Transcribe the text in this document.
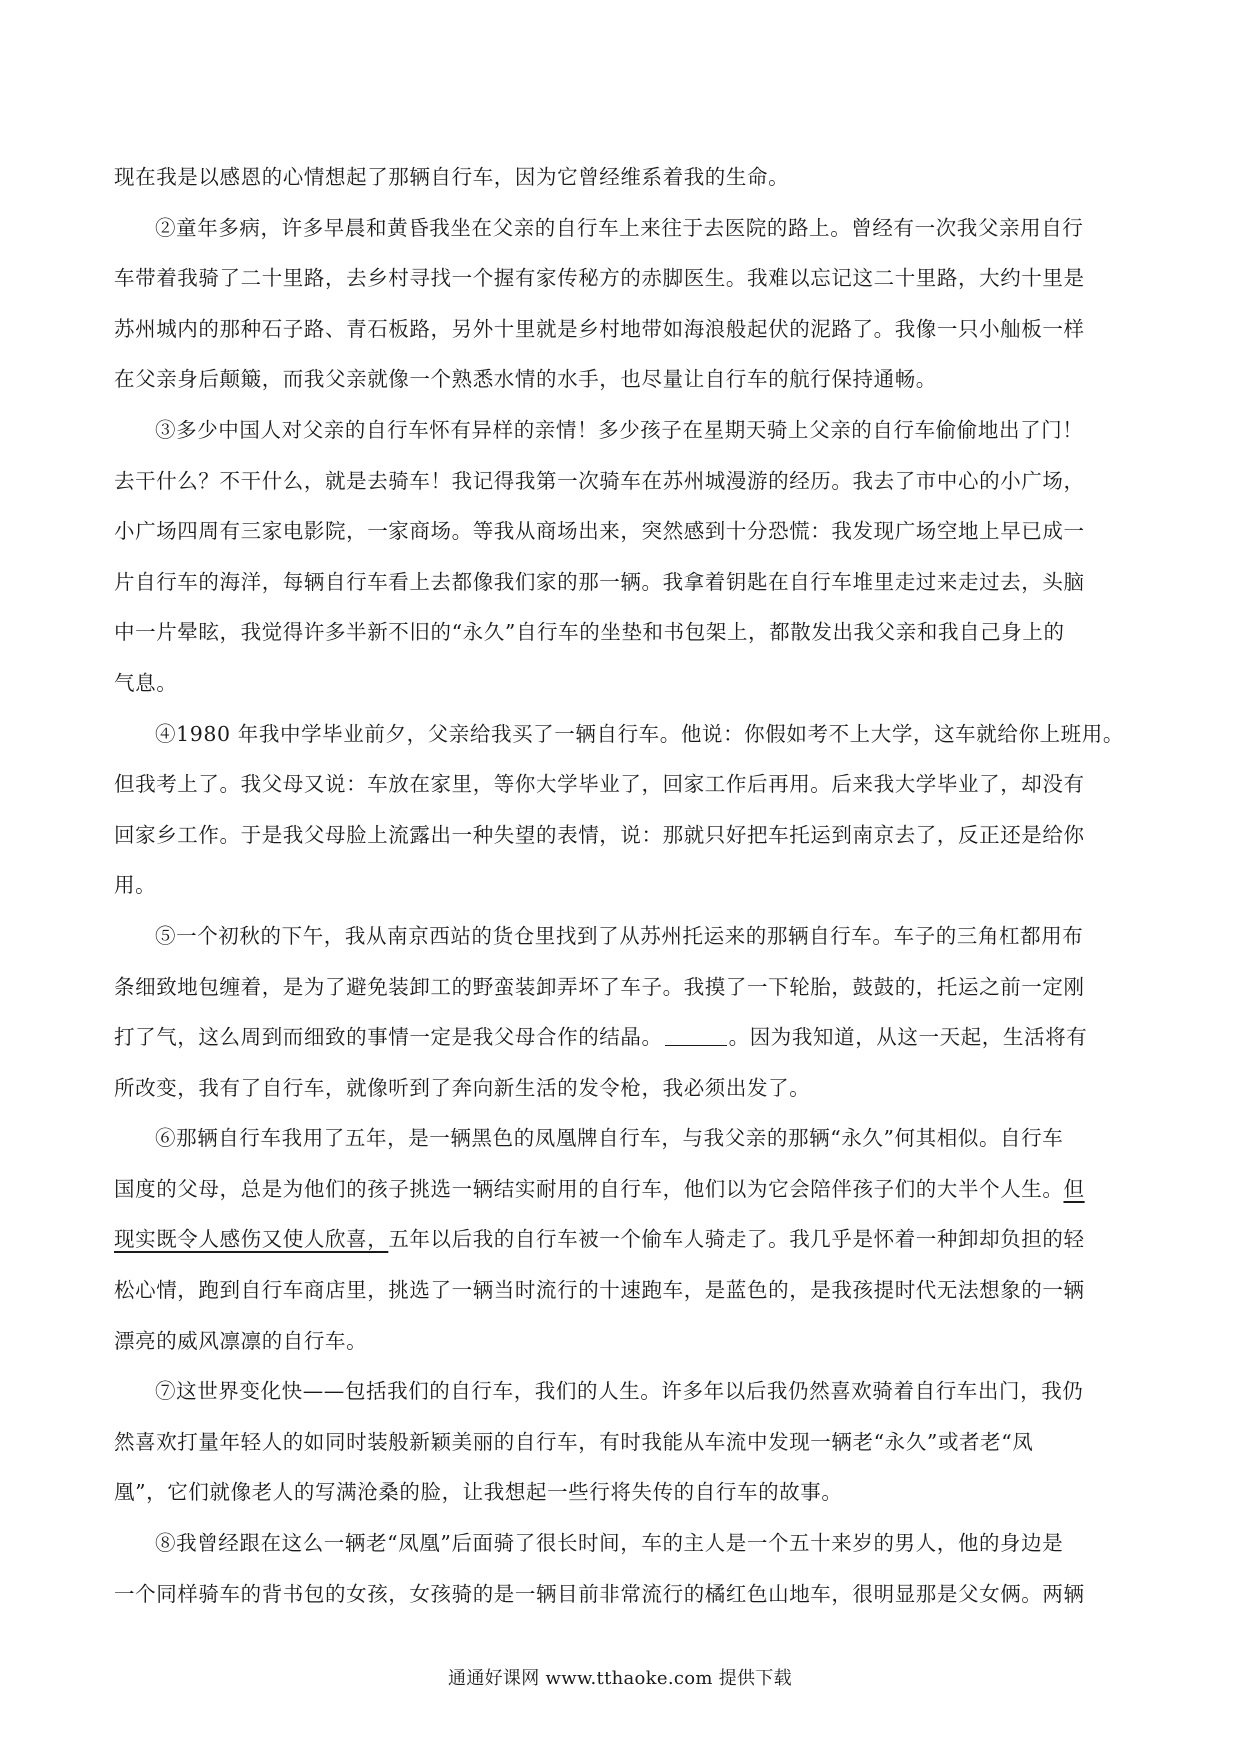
现在我是以感恩的心情想起了那辆自行车，因为它曾经维系着我的生命。
②童年多病，许多早晨和黄昏我坐在父亲的自行车上来往于去医院的路上。曾经有一次我父亲用自行
车带着我骑了二十里路，去乡村寻找一个握有家传秘方的赤脚医生。我难以忘记这二十里路，大约十里是
苏州城内的那种石子路、青石板路，另外十里就是乡村地带如海浪般起伏的泥路了。我像一只小舢板一样
在父亲身后颠簸，而我父亲就像一个熟悉水情的水手，也尽量让自行车的航行保持通畅。
③多少中国人对父亲的自行车怀有异样的亲情！多少孩子在星期天骑上父亲的自行车偷偷地出了门！
去干什么？不干什么，就是去骑车！我记得我第一次骑车在苏州城漫游的经历。我去了市中心的小广场，
小广场四周有三家电影院，一家商场。等我从商场出来，突然感到十分恐慌：我发现广场空地上早已成一
片自行车的海洋，每辆自行车看上去都像我们家的那一辆。我拿着钥匙在自行车堆里走过来走过去，头脑
中一片晕眩，我觉得许多半新不旧的“永久”自行车的坐垫和书包架上，都散发出我父亲和我自己身上的
气息。
④1980 年我中学毕业前夕，父亲给我买了一辆自行车。他说：你假如考不上大学，这车就给你上班用。
但我考上了。我父母又说：车放在家里，等你大学毕业了，回家工作后再用。后来我大学毕业了，却没有
回家乡工作。于是我父母脸上流露出一种失望的表情，说：那就只好把车托运到南京去了，反正还是给你
用。
⑤一个初秋的下午，我从南京西站的货仓里找到了从苏州托运来的那辆自行车。车子的三角杠都用布
条细致地包缠着，是为了避免装卸工的野蛮装卸弄坏了车子。我摸了一下轮胎，鼓鼓的，托运之前一定刚
打了气，这么周到而细致的事情一定是我父母合作的结晶。	。因为我知道，从这一天起，生活将有
所改变，我有了自行车，就像听到了奔向新生活的发令枪，我必须出发了。
⑥那辆自行车我用了五年，是一辆黑色的凤凰牌自行车，与我父亲的那辆“永久”何其相似。自行车
国度的父母，总是为他们的孩子挑选一辆结实耐用的自行车，他们以为它会陪伴孩子们的大半个人生。但
现实既令人感伤又使人欣喜，五年以后我的自行车被一个偷车人骑走了。我几乎是怀着一种卸却负担的轻
松心情，跑到自行车商店里，挑选了一辆当时流行的十速跑车，是蓝色的，是我孩提时代无法想象的一辆
漂亮的威风凛凛的自行车。
⑦这世界变化快——包括我们的自行车，我们的人生。许多年以后我仍然喜欢骑着自行车出门，我仍
然喜欢打量年轻人的如同时装般新颖美丽的自行车，有时我能从车流中发现一辆老“永久”或者老“凤
凰”，它们就像老人的写满沧桑的脸，让我想起一些行将失传的自行车的故事。
⑧我曾经跟在这么一辆老“凤凰”后面骑了很长时间，车的主人是一个五十来岁的男人，他的身边是
一个同样骑车的背书包的女孩，女孩骑的是一辆目前非常流行的橘红色山地车，很明显那是父女俩。两辆
通通好课网 www.tthaoke.com 提供下载
